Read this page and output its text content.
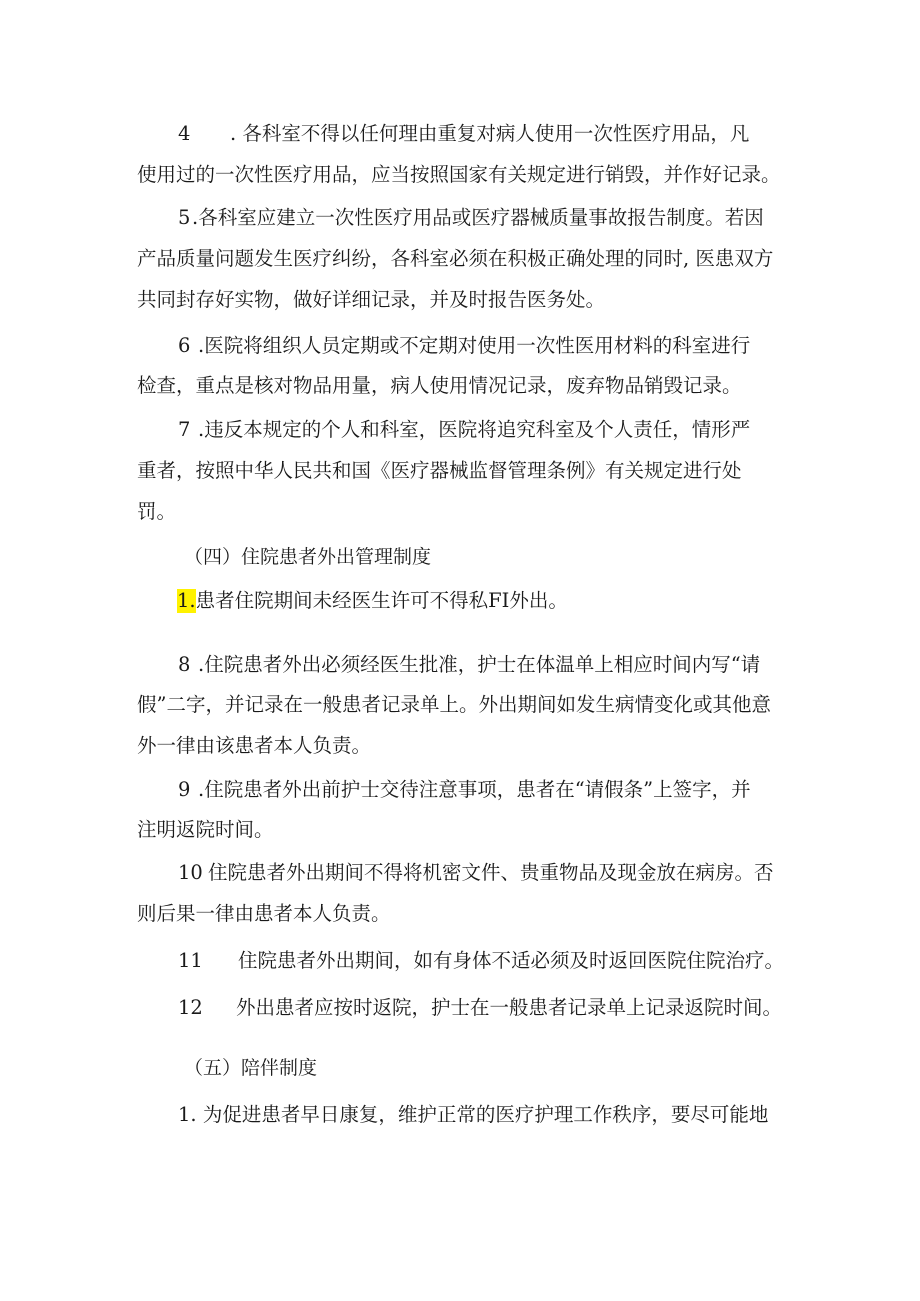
4 . 各科室不得以任何理由重复对病人使用一次性医疗用品，凡
使用过的一次性医疗用品，应当按照国家有关规定进行销毁，并作好记录。
5.各科室应建立一次性医疗用品或医疗器械质量事故报告制度。若因
产品质量问题发生医疗纠纷，各科室必须在积极正确处理的同时, 医患双方
共同封存好实物，做好详细记录，并及时报告医务处。
6 .医院将组织人员定期或不定期对使用一次性医用材料的科室进行
检查，重点是核对物品用量，病人使用情况记录，废弃物品销毁记录。
7 .违反本规定的个人和科室，医院将追究科室及个人责任，情形严
重者，按照中华人民共和国《医疗器械监督管理条例》有关规定进行处
罚。
（四）住院患者外出管理制度
1.患者住院期间未经医生许可不得私FI外出。
8 .住院患者外出必须经医生批准，护士在体温单上相应时间内写“请
假”二字，并记录在一般患者记录单上。外出期间如发生病情变化或其他意
外一律由该患者本人负责。
9 .住院患者外出前护士交待注意事项，患者在“请假条”上签字，并
注明返院时间。
10 住院患者外出期间不得将机密文件、贵重物品及现金放在病房。否
则后果一律由患者本人负责。
11 住院患者外出期间，如有身体不适必须及时返回医院住院治疗。
12 外出患者应按时返院，护士在一般患者记录单上记录返院时间。
（五）陪伴制度
1. 为促进患者早日康复，维护正常的医疗护理工作秩序，要尽可能地
